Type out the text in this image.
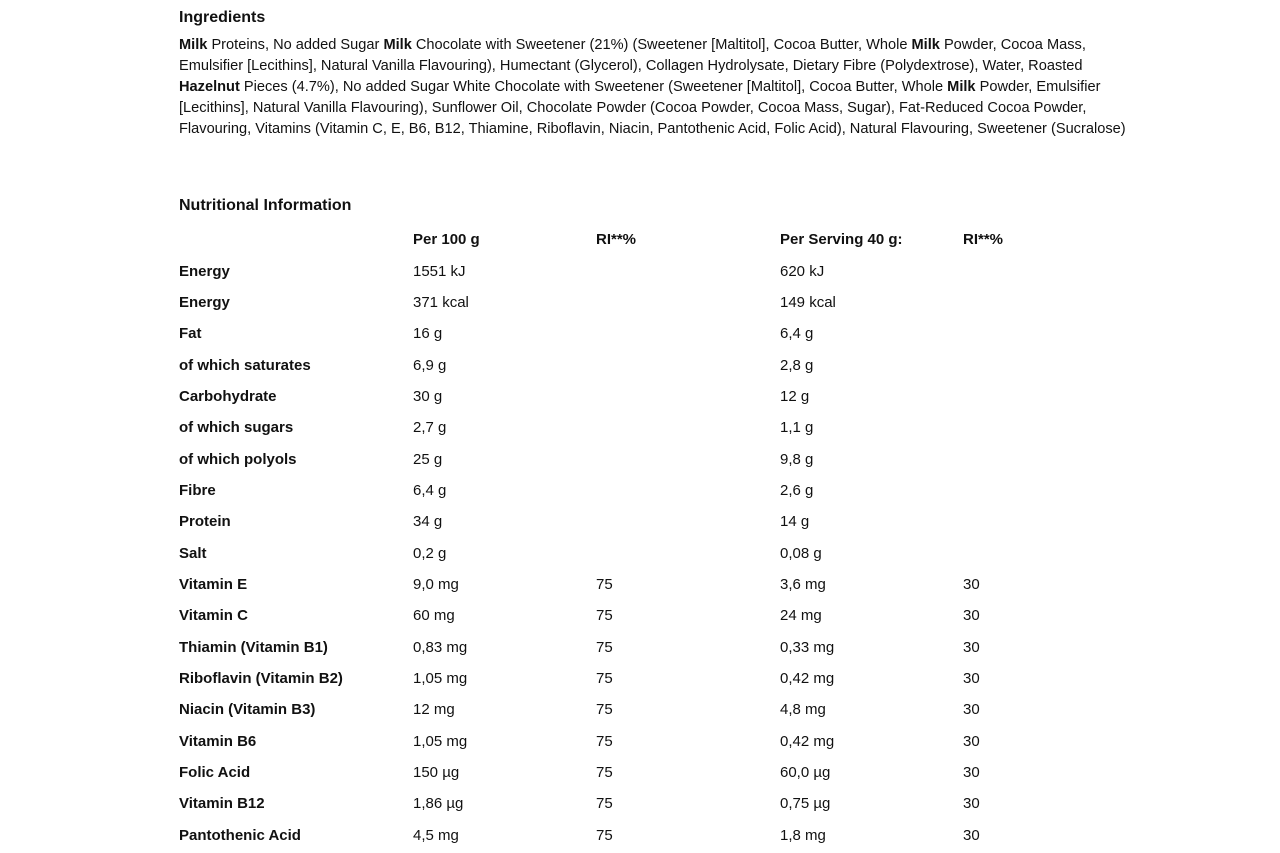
Ingredients
Milk Proteins, No added Sugar Milk Chocolate with Sweetener (21%) (Sweetener [Maltitol], Cocoa Butter, Whole Milk Powder, Cocoa Mass, Emulsifier [Lecithins], Natural Vanilla Flavouring), Humectant (Glycerol), Collagen Hydrolysate, Dietary Fibre (Polydextrose), Water, Roasted Hazelnut Pieces (4.7%), No added Sugar White Chocolate with Sweetener (Sweetener [Maltitol], Cocoa Butter, Whole Milk Powder, Emulsifier [Lecithins], Natural Vanilla Flavouring), Sunflower Oil, Chocolate Powder (Cocoa Powder, Cocoa Mass, Sugar), Fat-Reduced Cocoa Powder, Flavouring, Vitamins (Vitamin C, E, B6, B12, Thiamine, Riboflavin, Niacin, Pantothenic Acid, Folic Acid), Natural Flavouring, Sweetener (Sucralose)
Nutritional Information
	Per 100 g	RI**%	Per Serving 40 g:	RI**%
Energy	1551 kJ		620 kJ	
Energy	371 kcal		149 kcal	
Fat	16 g		6,4 g	
of which saturates	6,9 g		2,8 g	
Carbohydrate	30 g		12 g	
of which sugars	2,7 g		1,1 g	
of which polyols	25 g		9,8 g	
Fibre	6,4 g		2,6 g	
Protein	34 g		14 g	
Salt	0,2 g		0,08 g	
Vitamin E	9,0 mg	75	3,6 mg	30
Vitamin C	60 mg	75	24 mg	30
Thiamin (Vitamin B1)	0,83 mg	75	0,33 mg	30
Riboflavin (Vitamin B2)	1,05 mg	75	0,42 mg	30
Niacin (Vitamin B3)	12 mg	75	4,8 mg	30
Vitamin B6	1,05 mg	75	0,42 mg	30
Folic Acid	150 µg	75	60,0 µg	30
Vitamin B12	1,86 µg	75	0,75 µg	30
Pantothenic Acid	4,5 mg	75	1,8 mg	30
